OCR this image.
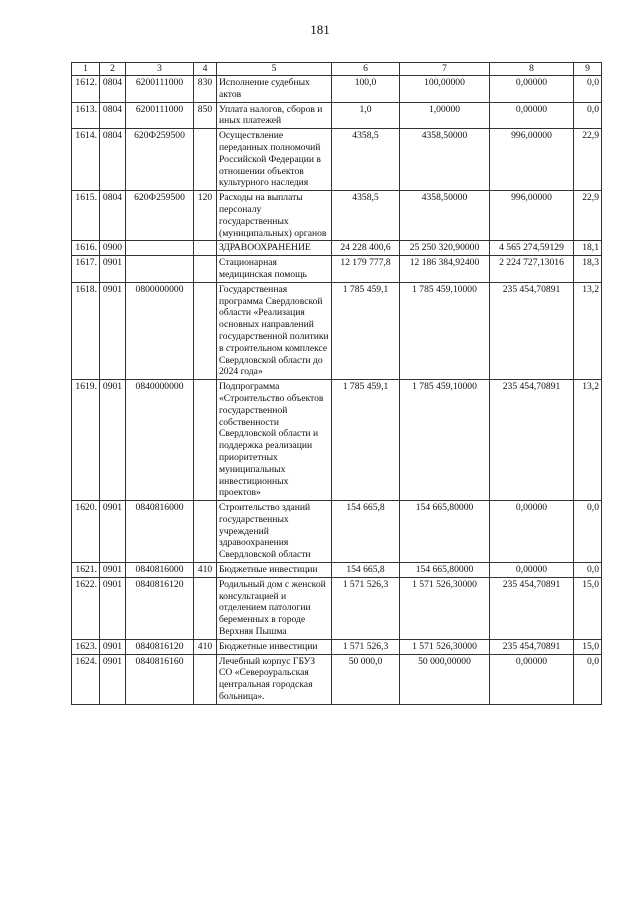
181
1	2	3	4	5	6	7	8	9
1612.	0804	6200111000	830	Исполнение судебных актов	100,0	100,00000	0,00000	0,0
1613.	0804	6200111000	850	Уплата налогов, сборов и иных платежей	1,0	1,00000	0,00000	0,0
1614.	0804	620Ф259500		Осуществление переданных полномочий Российской Федерации в отношении объектов культурного наследия	4358,5	4358,50000	996,00000	22,9
1615.	0804	620Ф259500	120	Расходы на выплаты персоналу государственных (муниципальных) органов	4358,5	4358,50000	996,00000	22,9
1616.	0900			ЗДРАВООХРАНЕНИЕ	24 228 400,6	25 250 320,90000	4 565 274,59129	18,1
1617.	0901			Стационарная медицинская помощь	12 179 777,8	12 186 384,92400	2 224 727,13016	18,3
1618.	0901	0800000000		Государственная программа Свердловской области «Реализация основных направлений государственной политики в строительном комплексе Свердловской области до 2024 года»	1 785 459,1	1 785 459,10000	235 454,70891	13,2
1619.	0901	0840000000		Подпрограмма «Строительство объектов государственной собственности Свердловской области и поддержка реализации приоритетных муниципальных инвестиционных проектов»	1 785 459,1	1 785 459,10000	235 454,70891	13,2
1620.	0901	0840816000		Строительство зданий государственных учреждений здравоохранения Свердловской области	154 665,8	154 665,80000	0,00000	0,0
1621.	0901	0840816000	410	Бюджетные инвестиции	154 665,8	154 665,80000	0,00000	0,0
1622.	0901	0840816120		Родильный дом с женской консультацией и отделением патологии беременных в городе Верхняя Пышма	1 571 526,3	1 571 526,30000	235 454,70891	15,0
1623.	0901	0840816120	410	Бюджетные инвестиции	1 571 526,3	1 571 526,30000	235 454,70891	15,0
1624.	0901	0840816160		Лечебный корпус ГБУЗ СО «Североуральская центральная городская больница».	50 000,0	50 000,00000	0,00000	0,0
